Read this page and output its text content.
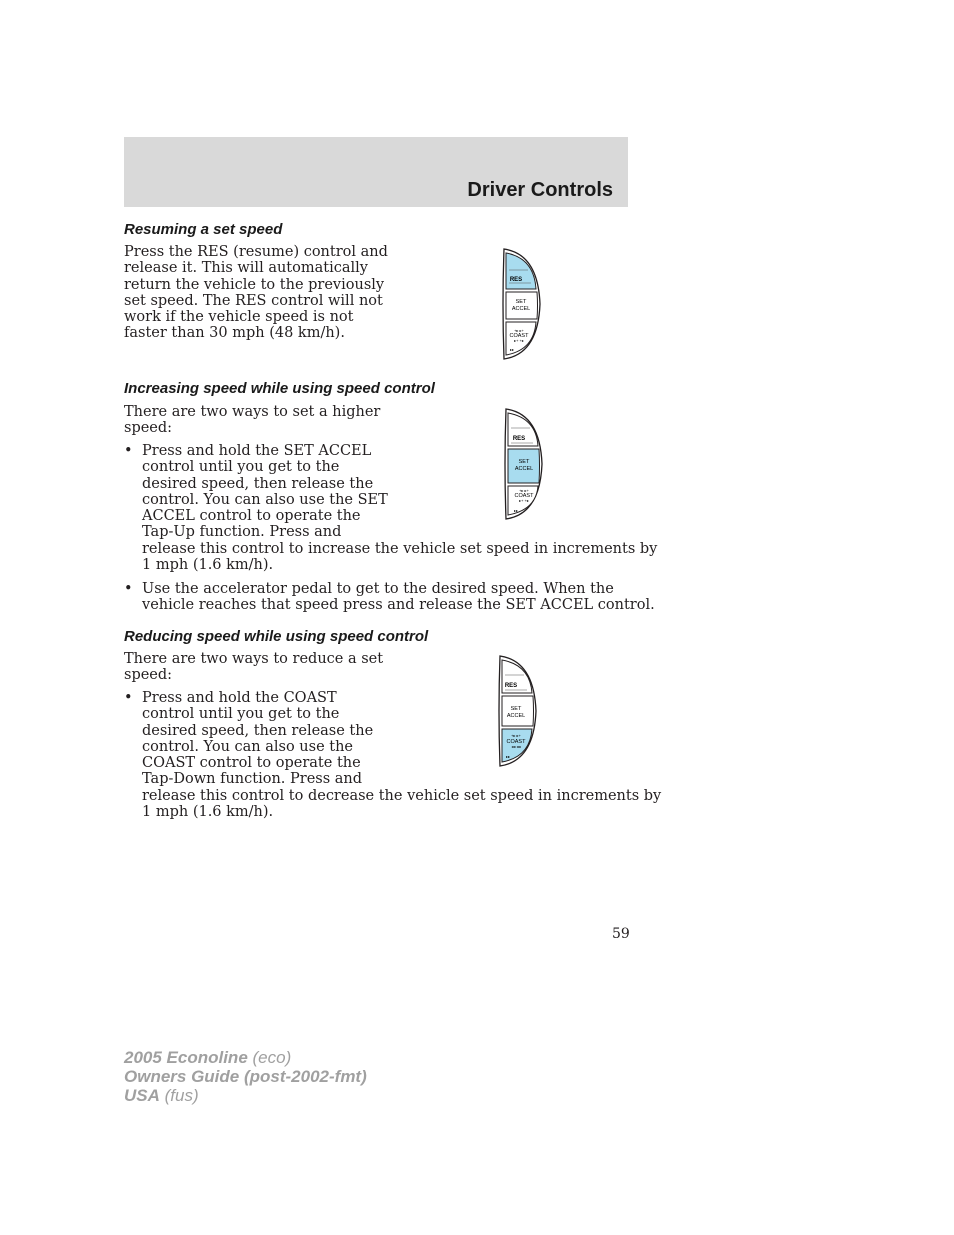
Driver Controls
Resuming a set speed
Press the RES (resume) control and
release it. This will automatically
return the vehicle to the previously
set speed. The RES control will not
work if the vehicle speed is not
faster than 30 mph (48 km/h).
RES
SET
ACCEL
+▸ ▸+
COAST
▸+ +▸
▸▸
Increasing speed while using speed control
There are two ways to set a higher
speed:
• Press and hold the SET ACCEL
control until you get to the
desired speed, then release the
control. You can also use the SET
ACCEL control to operate the
Tap-Up function. Press and
release this control to increase the vehicle set speed in increments by
1 mph (1.6 km/h).
• Use the accelerator pedal to get to the desired speed. When the
vehicle reaches that speed press and release the SET ACCEL control.
RES
SET
ACCEL
+▸ ▸+
COAST
▸+ +▸
▸▸
Reducing speed while using speed control
There are two ways to reduce a set
speed:
• Press and hold the COAST
control until you get to the
desired speed, then release the
control. You can also use the
COAST control to operate the
Tap-Down function. Press and
release this control to decrease the vehicle set speed in increments by
1 mph (1.6 km/h).
RES
SET
ACCEL
+▸ ▸+
COAST
◂◂ ◂◂
▸▸
59
2005 Econoline (eco)
Owners Guide (post-2002-fmt)
USA (fus)
